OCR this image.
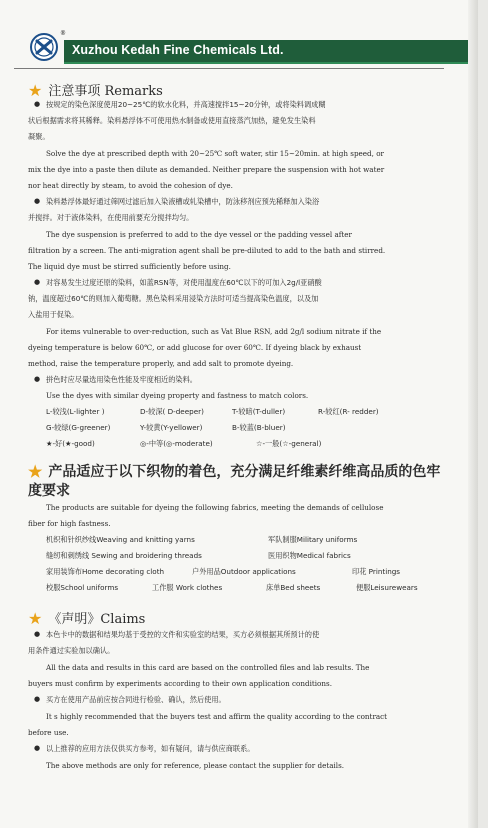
®
Xuzhou Kedah Fine Chemicals Ltd.
★ 注意事项 Remarks
● 按规定的染色深度使用20~25℃的软水化料，并高速搅拌15~20分钟，或将染料调成糊
状后根据需求将其稀释。染料悬浮体不可使用热水制备或使用直接蒸汽加热，避免发生染料
凝聚。
Solve the dye at prescribed depth with 20~25℃ soft water, stir 15~20min. at high speed, or
mix the dye into a paste then dilute as demanded. Neither prepare the suspension with hot water
nor heat directly by steam, to avoid the cohesion of dye.
● 染料悬浮体最好通过筛网过滤后加入染液槽或轧染槽中，防泳移剂应预先稀释加入染浴
并搅拌。对于液体染料，在使用前要充分搅拌均匀。
The dye suspension is preferred to add to the dye vessel or the padding vessel after
filtration by a screen. The anti-migration agent shall be pre-diluted to add to the bath and stirred.
The liquid dye must be stirred sufficiently before using.
● 对容易发生过度还原的染料，如蓝RSN等，对使用温度在60℃以下的可加入2g/l亚硝酸
钠，温度超过60℃的则加入葡萄糖。黑色染料采用浸染方法时可适当提高染色温度，以及加
入盐用于促染。
For items vulnerable to over-reduction, such as Vat Blue RSN, add 2g/l sodium nitrate if the
dyeing temperature is below 60℃, or add glucose for over 60℃. If dyeing black by exhaust
method, raise the temperature properly, and add salt to promote dyeing.
● 拼色时应尽量选用染色性能及牢度相近的染料。
Use the dyes with similar dyeing property and fastness to match colors.
L-较浅(L-lighter )	D-较深( D-deeper)	T-较暗(T-duller)	R-较红(R- redder)
G-较绿(G-greener)	Y-较黄(Y-yellower)	B-较蓝(B-bluer)
★-好(★-good)	◎-中等(◎-moderate)	☆-一般(☆-general)
★ 产品适应于以下织物的着色，充分满足纤维素纤维高品质的色牢度要求
The products are suitable for dyeing the following fabrics, meeting the demands of cellulose
fiber for high fastness.
机织和针织纱线Weaving and knitting yarns	军队制服Military uniforms
缝纫和刺绣线 Sewing and broidering threads	医用织物Medical fabrics
家用装饰布Home decorating cloth	户外用品Outdoor applications	印花 Printings
校服School uniforms	工作服 Work clothes	床单Bed sheets	便服Leisurewears
★ 《声明》Claims
● 本色卡中的数据和结果均基于受控的文件和实验室的结果，买方必须根据其所预计的使
用条件通过实验加以确认。
All the data and results in this card are based on the controlled files and lab results. The
buyers must confirm by experiments according to their own application conditions.
● 买方在使用产品前应按合同进行检验、确认，然后使用。
It s highly recommended that the buyers test and affirm the quality according to the contract
before use.
● 以上推荐的应用方法仅供买方参考，如有疑问，请与供应商联系。
The above methods are only for reference, please contact the supplier for details.
